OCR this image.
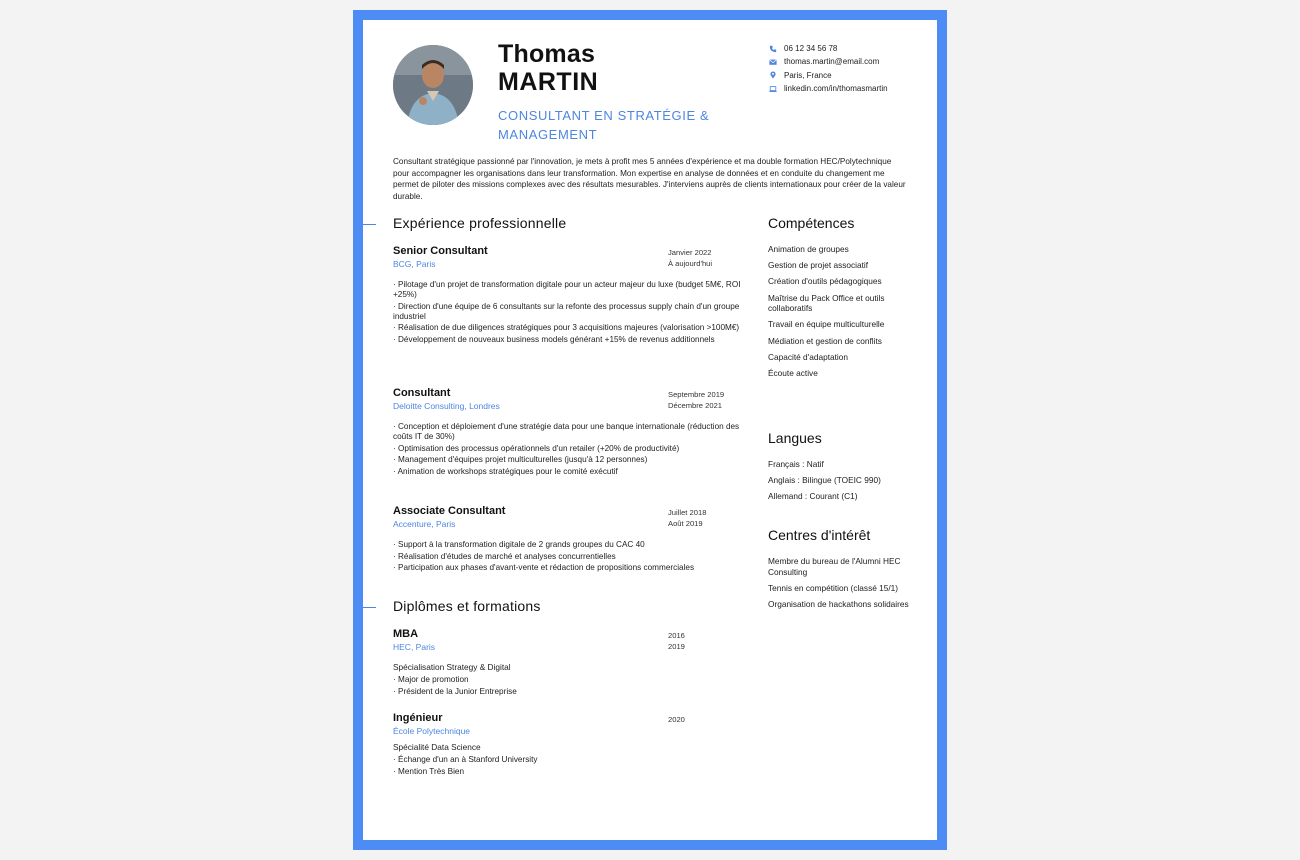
Thomas
MARTIN
CONSULTANT EN STRATÉGIE & MANAGEMENT
06 12 34 56 78
thomas.martin@email.com
Paris, France
linkedin.com/in/thomasmartin
Consultant stratégique passionné par l'innovation, je mets à profit mes 5 années d'expérience et ma double formation HEC/Polytechnique pour accompagner les organisations dans leur transformation. Mon expertise en analyse de données et en conduite du changement me permet de piloter des missions complexes avec des résultats mesurables. J'interviens auprès de clients internationaux pour créer de la valeur durable.
Expérience professionnelle
Senior Consultant
BCG, Paris
Janvier 2022
À aujourd'hui
· Pilotage d'un projet de transformation digitale pour un acteur majeur du luxe (budget 5M€, ROI +25%)
· Direction d'une équipe de 6 consultants sur la refonte des processus supply chain d'un groupe industriel
· Réalisation de due diligences stratégiques pour 3 acquisitions majeures (valorisation >100M€)
· Développement de nouveaux business models générant +15% de revenus additionnels
Consultant
Deloitte Consulting, Londres
Septembre 2019
Décembre 2021
· Conception et déploiement d'une stratégie data pour une banque internationale (réduction des coûts IT de 30%)
· Optimisation des processus opérationnels d'un retailer (+20% de productivité)
· Management d'équipes projet multiculturelles (jusqu'à 12 personnes)
· Animation de workshops stratégiques pour le comité exécutif
Associate Consultant
Accenture, Paris
Juillet 2018
Août 2019
· Support à la transformation digitale de 2 grands groupes du CAC 40
· Réalisation d'études de marché et analyses concurrentielles
· Participation aux phases d'avant-vente et rédaction de propositions commerciales
Diplômes et formations
MBA
HEC, Paris
2016
2019
Spécialisation Strategy & Digital
· Major de promotion
· Président de la Junior Entreprise
Ingénieur
École Polytechnique
2020
Spécialité Data Science
· Échange d'un an à Stanford University
· Mention Très Bien
Compétences
Animation de groupes
Gestion de projet associatif
Création d'outils pédagogiques
Maîtrise du Pack Office et outils collaboratifs
Travail en équipe multiculturelle
Médiation et gestion de conflits
Capacité d'adaptation
Écoute active
Langues
Français : Natif
Anglais : Bilingue (TOEIC 990)
Allemand : Courant (C1)
Centres d'intérêt
Membre du bureau de l'Alumni HEC Consulting
Tennis en compétition (classé 15/1)
Organisation de hackathons solidaires
